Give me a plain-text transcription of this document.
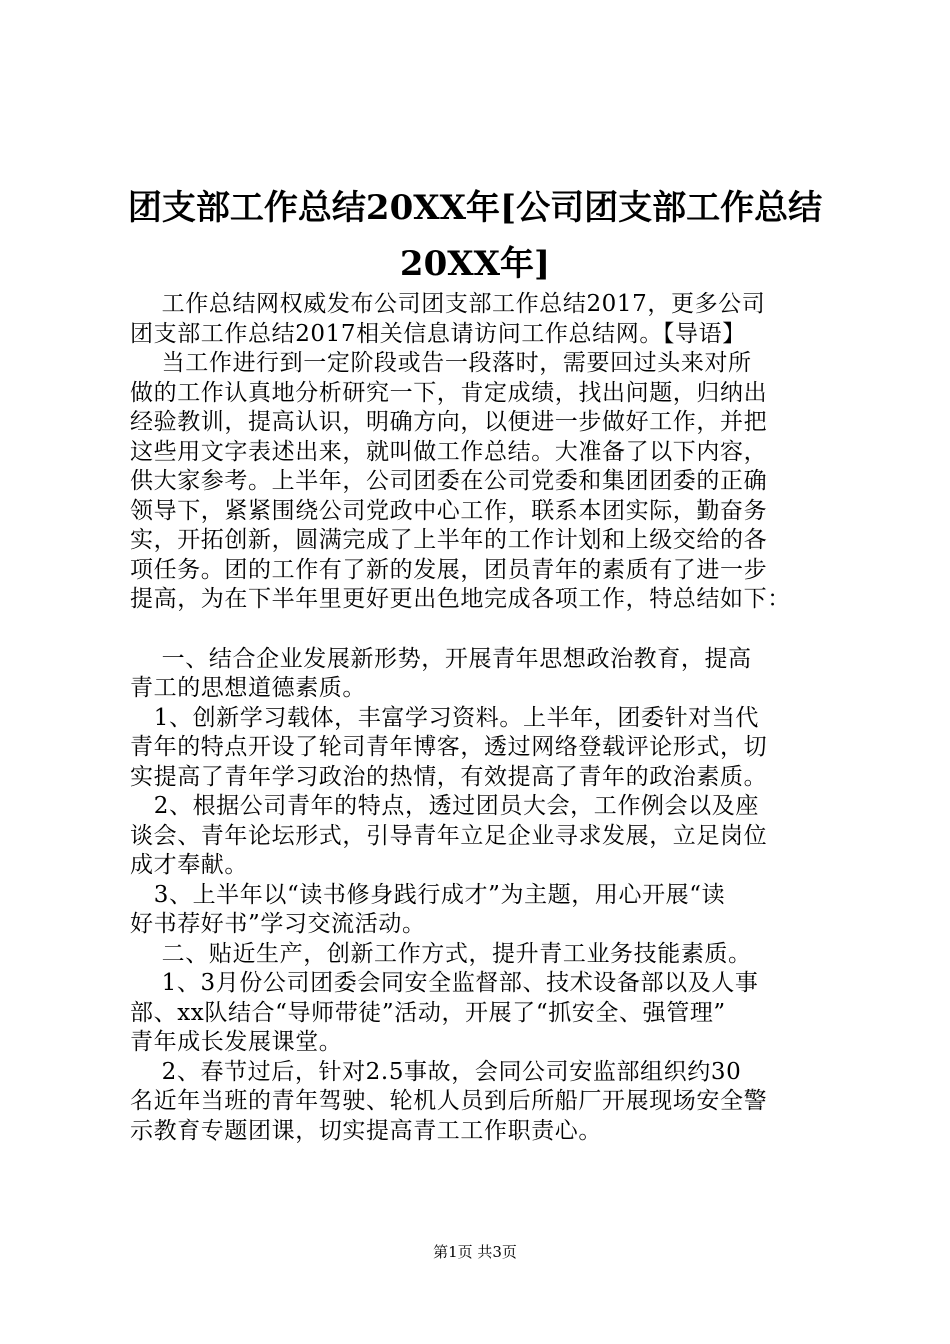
团支部工作总结20XX年[公司团支部工作总结
20XX年]
工作总结网权威发布公司团支部工作总结2017，更多公司
团支部工作总结2017相关信息请访问工作总结网。【导语】
当工作进行到一定阶段或告一段落时，需要回过头来对所
做的工作认真地分析研究一下，肯定成绩，找出问题，归纳出
经验教训，提高认识，明确方向，以便进一步做好工作，并把
这些用文字表述出来，就叫做工作总结。大准备了以下内容，
供大家参考。上半年，公司团委在公司党委和集团团委的正确
领导下，紧紧围绕公司党政中心工作，联系本团实际，勤奋务
实，开拓创新，圆满完成了上半年的工作计划和上级交给的各
项任务。团的工作有了新的发展，团员青年的素质有了进一步
提高，为在下半年里更好更出色地完成各项工作，特总结如下：
一、结合企业发展新形势，开展青年思想政治教育，提高
青工的思想道德素质。
1、创新学习载体，丰富学习资料。上半年，团委针对当代
青年的特点开设了轮司青年博客，透过网络登载评论形式，切
实提高了青年学习政治的热情，有效提高了青年的政治素质。
2、根据公司青年的特点，透过团员大会，工作例会以及座
谈会、青年论坛形式，引导青年立足企业寻求发展，立足岗位
成才奉献。
3、上半年以“读书修身践行成才”为主题，用心开展“读
好书荐好书”学习交流活动。
二、贴近生产，创新工作方式，提升青工业务技能素质。
1、3月份公司团委会同安全监督部、技术设备部以及人事
部、xx队结合“导师带徒”活动，开展了“抓安全、强管理”
青年成长发展课堂。
2、春节过后，针对2.5事故，会同公司安监部组织约30
名近年当班的青年驾驶、轮机人员到后所船厂开展现场安全警
示教育专题团课，切实提高青工工作职责心。
第1页 共3页
